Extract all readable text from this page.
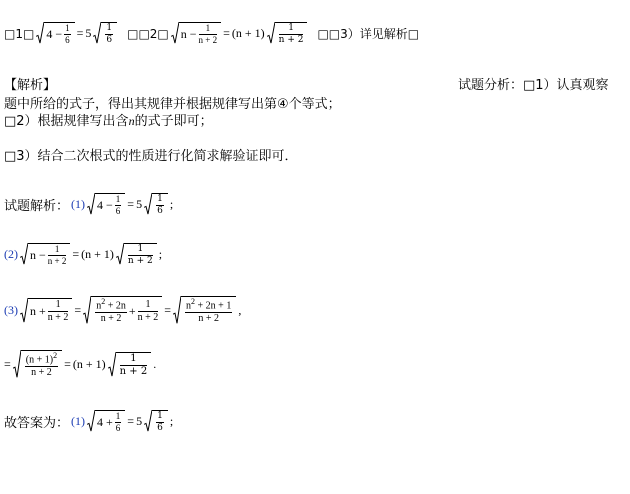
□1□ 4
− $\frac{1}{6} = 5 \frac{1}{6}$ □□2□ n
− $\frac{1}{n + 2} = (n + 1) \frac{1}{n + 2}$ □□3）详见解析□
【解析】	试题分析：□1）认真观察
题中所给的式子，得出其规律并根据规律写出第④个等式；
□2）根据规律写出含n的式子即可；
□3）结合二次根式的性质进行化简求解验证即可．
试题解析： (1) 4
− $\frac{1}{6} = 5 \frac{1}{6}$ ;
(2) n
− $\frac{1}{n + 2} = (n + 1) \frac{1}{n + 2}$ ;
(3) n
+ $\frac{1}{n + 2} = \frac{n^2 + 2n}{n + 2} + \frac{1}{n + 2} = \frac{n^2 + 2n + 1}{n + 2}$ ,
= $\frac{(n + 1)^2}{n + 2} = (n + 1) \frac{1}{n + 2}$ .
故答案为： (1) 4
+ $\frac{1}{6} = 5 \frac{1}{6}$ ;
